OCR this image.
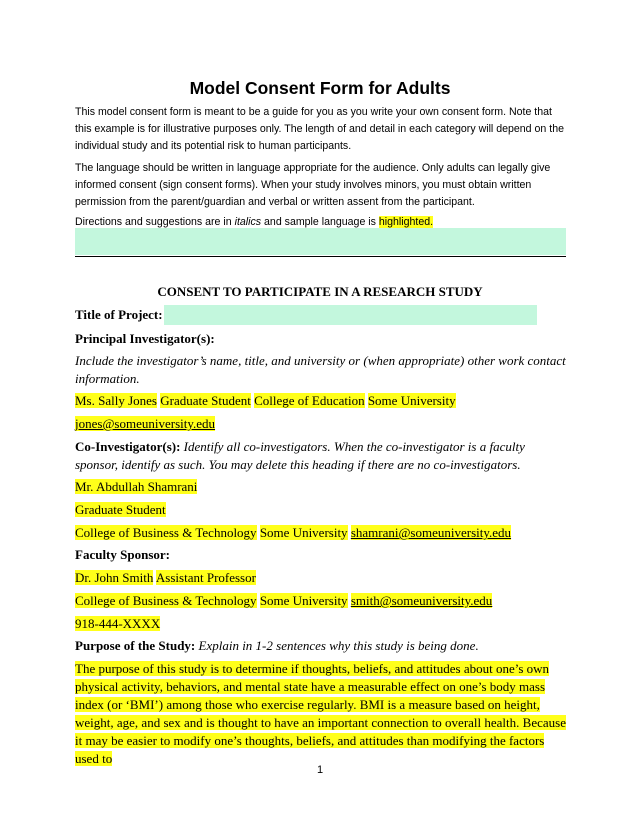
Model Consent Form for Adults

This model consent form is meant to be a guide for you as you write your own consent form. Note that this example is for illustrative purposes only. The length of and detail in each category will depend on the individual study and its potential risk to human participants.

The language should be written in language appropriate for the audience. Only adults can legally give informed consent (sign consent forms). When your study involves minors, you must obtain written permission from the parent/guardian and verbal or written assent from the participant.

Directions and suggestions are in italics and sample language is highlighted.

CONSENT TO PARTICIPATE IN A RESEARCH STUDY

Title of Project:

Principal Investigator(s):

Include the investigator’s name, title, and university or (when appropriate) other work contact information.

Ms. Sally Jones Graduate Student College of Education Some University

jones@someuniversity.edu

Co-Investigator(s): Identify all co-investigators. When the co-investigator is a faculty sponsor, identify as such. You may delete this heading if there are no co-investigators.

Mr. Abdullah Shamrani

Graduate Student

College of Business & Technology Some University shamrani@someuniversity.edu

Faculty Sponsor:

Dr. John Smith Assistant Professor

College of Business & Technology Some University smith@someuniversity.edu

918-444-XXXX

Purpose of the Study: Explain in 1-2 sentences why this study is being done.

The purpose of this study is to determine if thoughts, beliefs, and attitudes about one’s own physical activity, behaviors, and mental state have a measurable effect on one’s body mass index (or ‘BMI’) among those who exercise regularly. BMI is a measure based on height, weight, age, and sex and is thought to have an important connection to overall health. Because it may be easier to modify one’s thoughts, beliefs, and attitudes than modifying the factors used to

1
